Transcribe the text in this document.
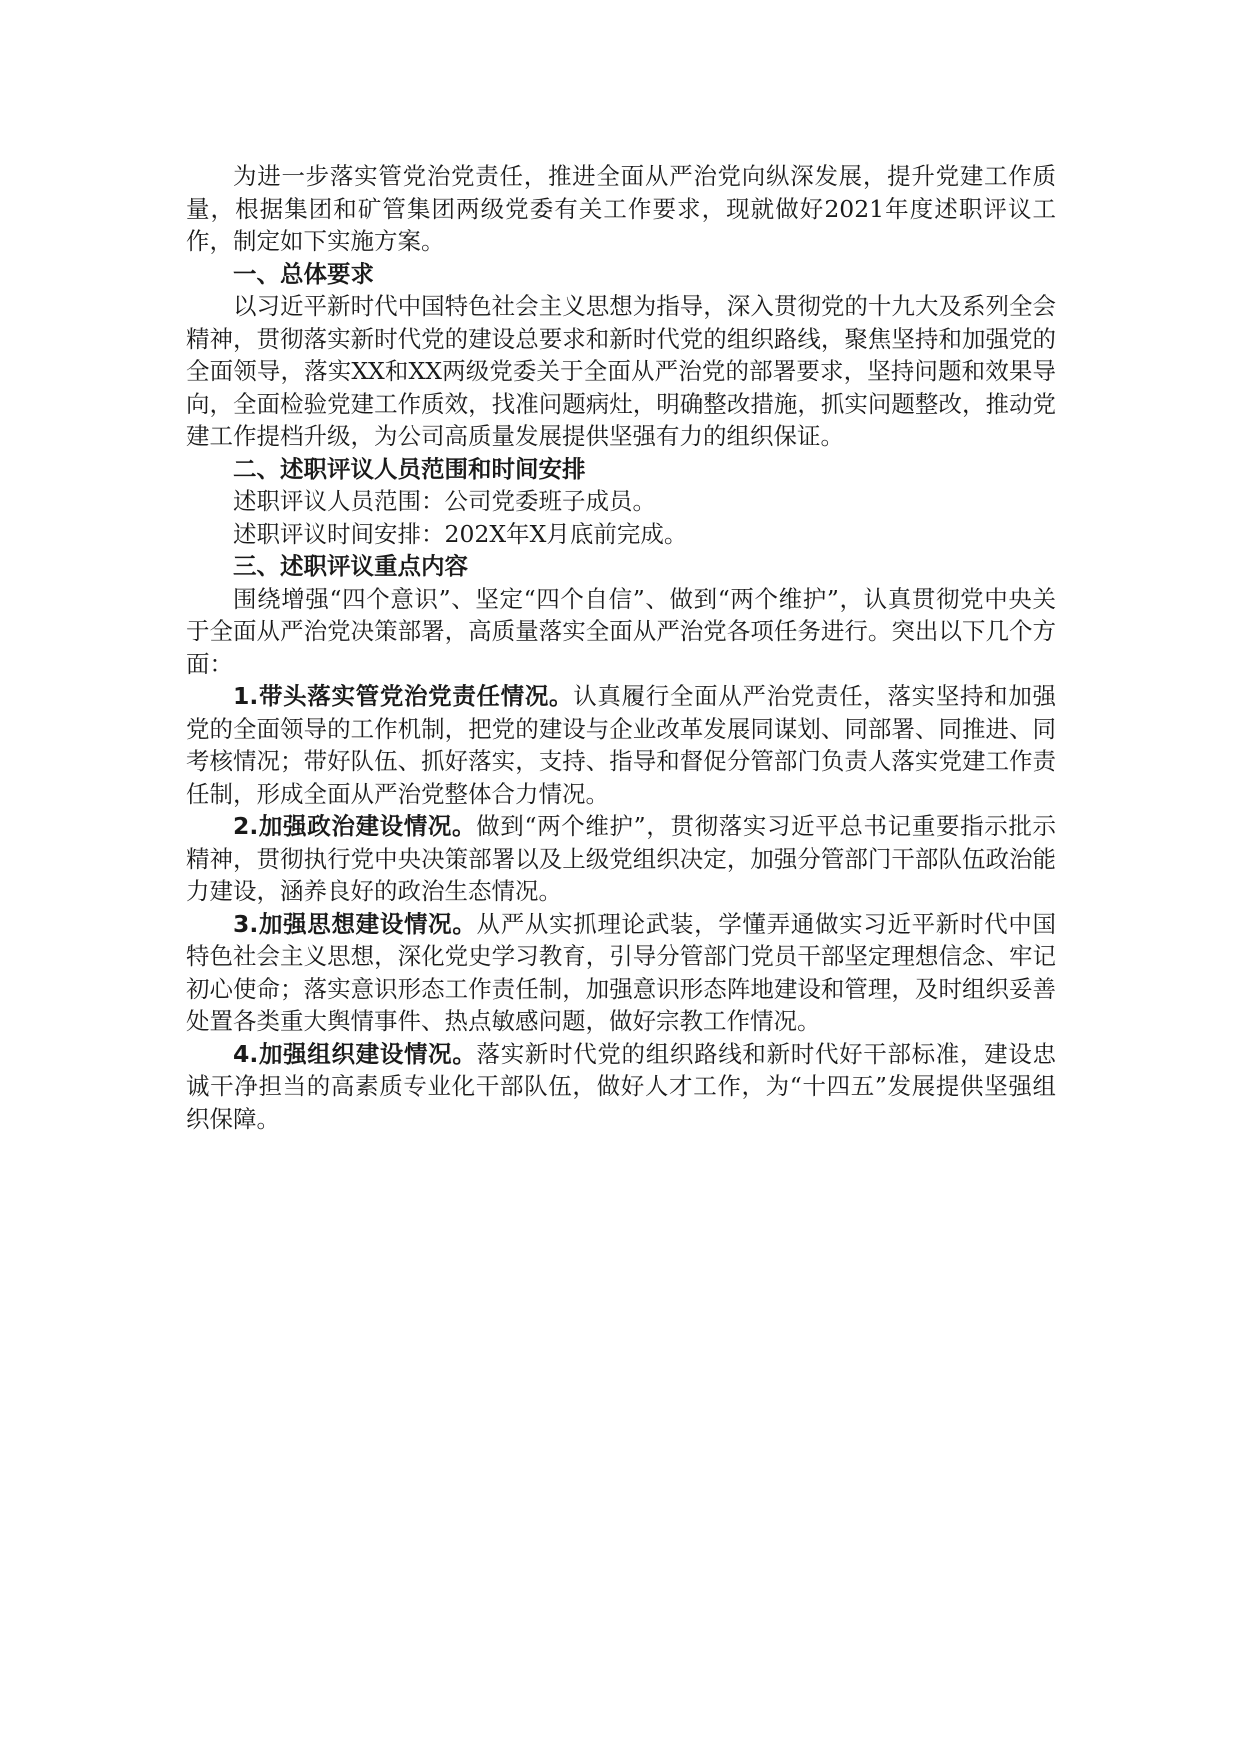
为进一步落实管党治党责任，推进全面从严治党向纵深发展，提升党建工作质量，根据集团和矿管集团两级党委有关工作要求，现就做好2021年度述职评议工作，制定如下实施方案。

一、总体要求

以习近平新时代中国特色社会主义思想为指导，深入贯彻党的十九大及系列全会精神，贯彻落实新时代党的建设总要求和新时代党的组织路线，聚焦坚持和加强党的全面领导，落实XX和XX两级党委关于全面从严治党的部署要求，坚持问题和效果导向，全面检验党建工作质效，找准问题病灶，明确整改措施，抓实问题整改，推动党建工作提档升级，为公司高质量发展提供坚强有力的组织保证。

二、述职评议人员范围和时间安排

述职评议人员范围：公司党委班子成员。

述职评议时间安排：202X年X月底前完成。

三、述职评议重点内容

围绕增强“四个意识”、坚定“四个自信”、做到“两个维护”，认真贯彻党中央关于全面从严治党决策部署，高质量落实全面从严治党各项任务进行。突出以下几个方面：

1.带头落实管党治党责任情况。认真履行全面从严治党责任，落实坚持和加强党的全面领导的工作机制，把党的建设与企业改革发展同谋划、同部署、同推进、同考核情况；带好队伍、抓好落实，支持、指导和督促分管部门负责人落实党建工作责任制，形成全面从严治党整体合力情况。

2.加强政治建设情况。做到“两个维护”，贯彻落实习近平总书记重要指示批示精神，贯彻执行党中央决策部署以及上级党组织决定，加强分管部门干部队伍政治能力建设，涵养良好的政治生态情况。

3.加强思想建设情况。从严从实抓理论武装，学懂弄通做实习近平新时代中国特色社会主义思想，深化党史学习教育，引导分管部门党员干部坚定理想信念、牢记初心使命；落实意识形态工作责任制，加强意识形态阵地建设和管理，及时组织妥善处置各类重大舆情事件、热点敏感问题，做好宗教工作情况。

4.加强组织建设情况。落实新时代党的组织路线和新时代好干部标准，建设忠诚干净担当的高素质专业化干部队伍，做好人才工作，为“十四五”发展提供坚强组织保障。
